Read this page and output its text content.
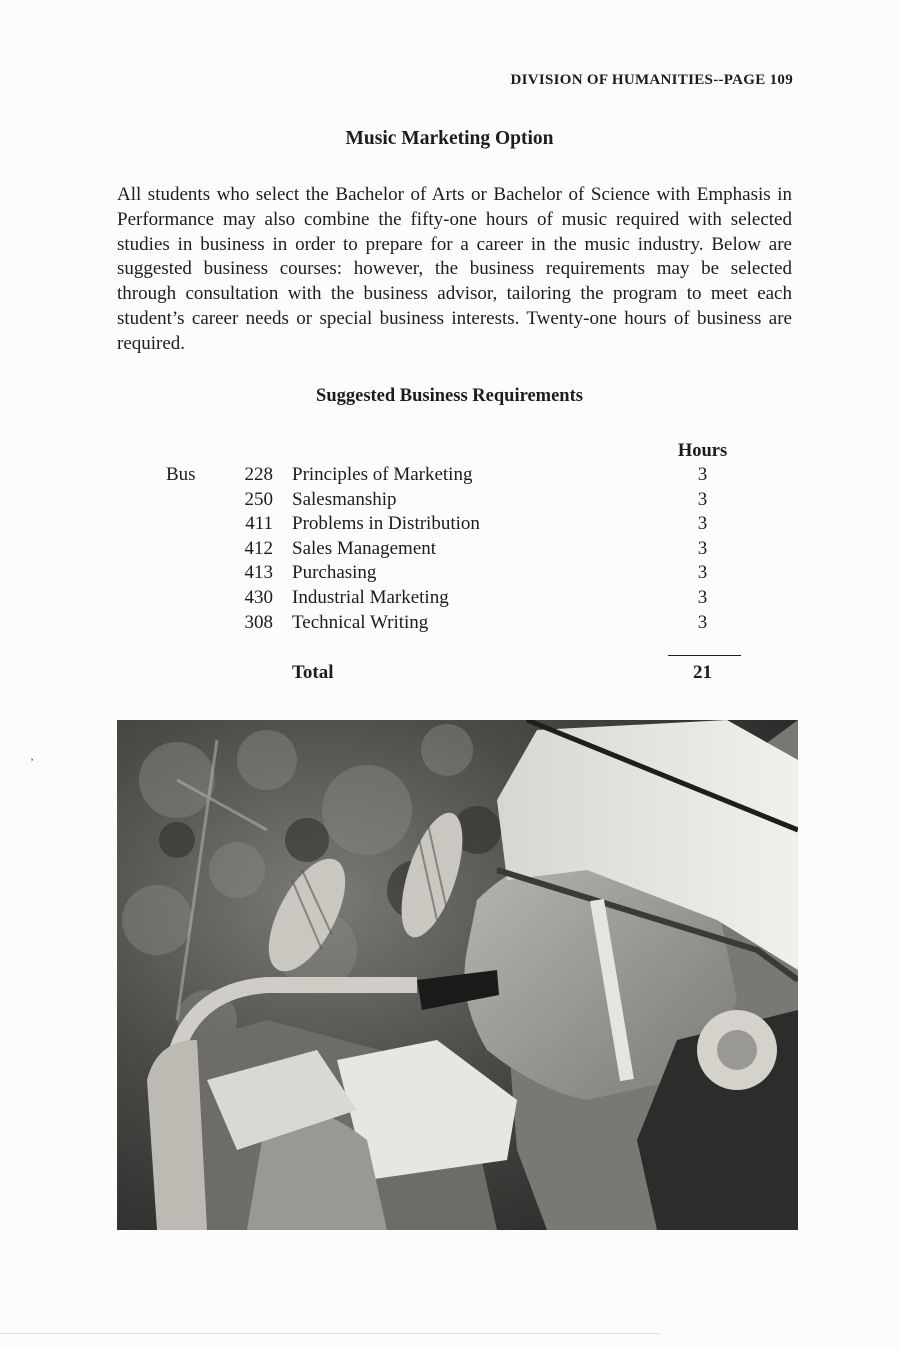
DIVISION OF HUMANITIES--PAGE 109
Music Marketing Option

All students who select the Bachelor of Arts or Bachelor of Science with Emphasis in Performance may also combine the fifty-one hours of music required with selected studies in business in order to prepare for a career in the music industry. Below are suggested business courses: however, the business requirements may be selected through consultation with the business advisor, tailoring the program to meet each student’s career needs or special business interests. Twenty-one hours of business are required.

Suggested Business Requirements
Hours
Bus	228 Principles of Marketing	3
250 Salesmanship	3
411 Problems in Distribution	3
412 Sales Management	3
413 Purchasing	3
430 Industrial Marketing	3
308 Technical Writing	3
Total	21
’
